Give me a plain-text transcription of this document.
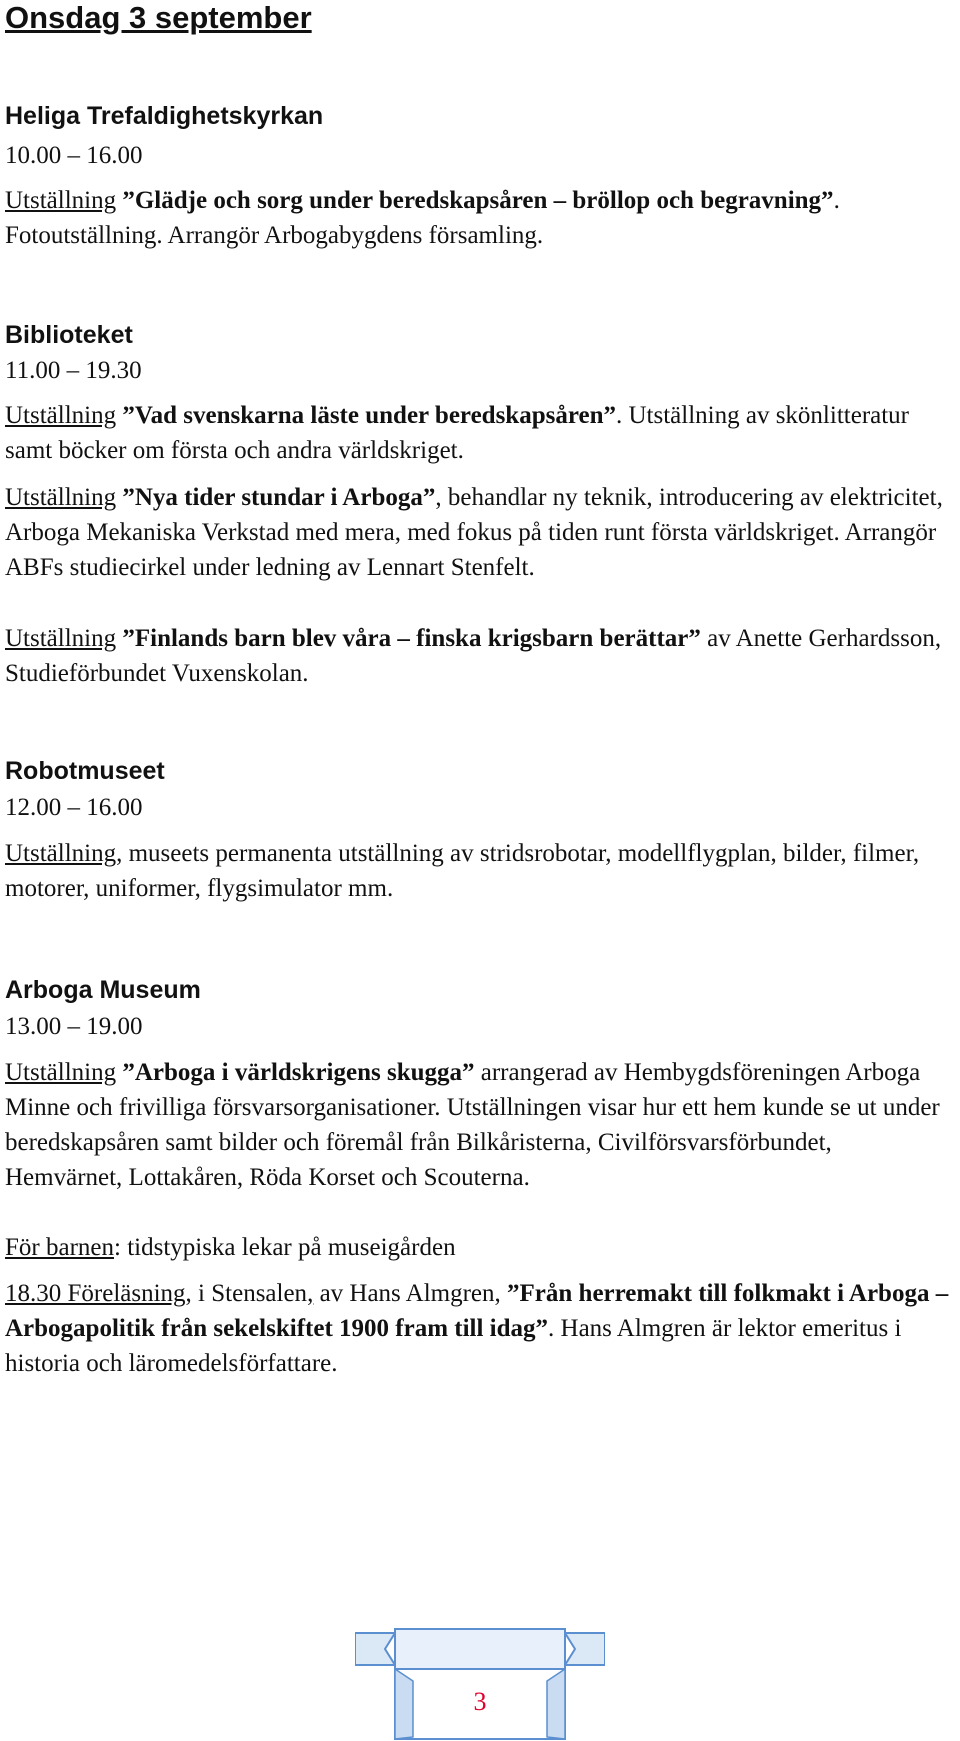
Onsdag 3 september
Heliga Trefaldighetskyrkan
10.00 – 16.00

Utställning ”Glädje och sorg under beredskapsåren – bröllop och begravning”. Fotoutställning. Arrangör Arbogabygdens församling.

Biblioteket
11.00 – 19.30

Utställning ”Vad svenskarna läste under beredskapsåren”. Utställning av skönlitteratur samt böcker om första och andra världskriget.

Utställning ”Nya tider stundar i Arboga”, behandlar ny teknik, introducering av elektricitet, Arboga Mekaniska Verkstad med mera, med fokus på tiden runt första världskriget. Arrangör ABFs studiecirkel under ledning av Lennart Stenfelt.

Utställning ”Finlands barn blev våra – finska krigsbarn berättar” av Anette Gerhardsson, Studieförbundet Vuxenskolan.

Robotmuseet
12.00 – 16.00

Utställning, museets permanenta utställning av stridsrobotar, modellflygplan, bilder, filmer, motorer, uniformer, flygsimulator mm.

Arboga Museum
13.00 – 19.00

Utställning ”Arboga i världskrigens skugga” arrangerad av Hembygdsföreningen Arboga Minne och frivilliga försvarsorganisationer. Utställningen visar hur ett hem kunde se ut under beredskapsåren samt bilder och föremål från Bilkåristerna, Civilförsvarsförbundet, Hemvärnet, Lottakåren, Röda Korset och Scouterna.

För barnen: tidstypiska lekar på museigården

18.30 Föreläsning, i Stensalen, av Hans Almgren, ”Från herremakt till folkmakt i Arboga – Arbogapolitik från sekelskiftet 1900 fram till idag”. Hans Almgren är lektor emeritus i historia och läromedelsförfattare.

3
